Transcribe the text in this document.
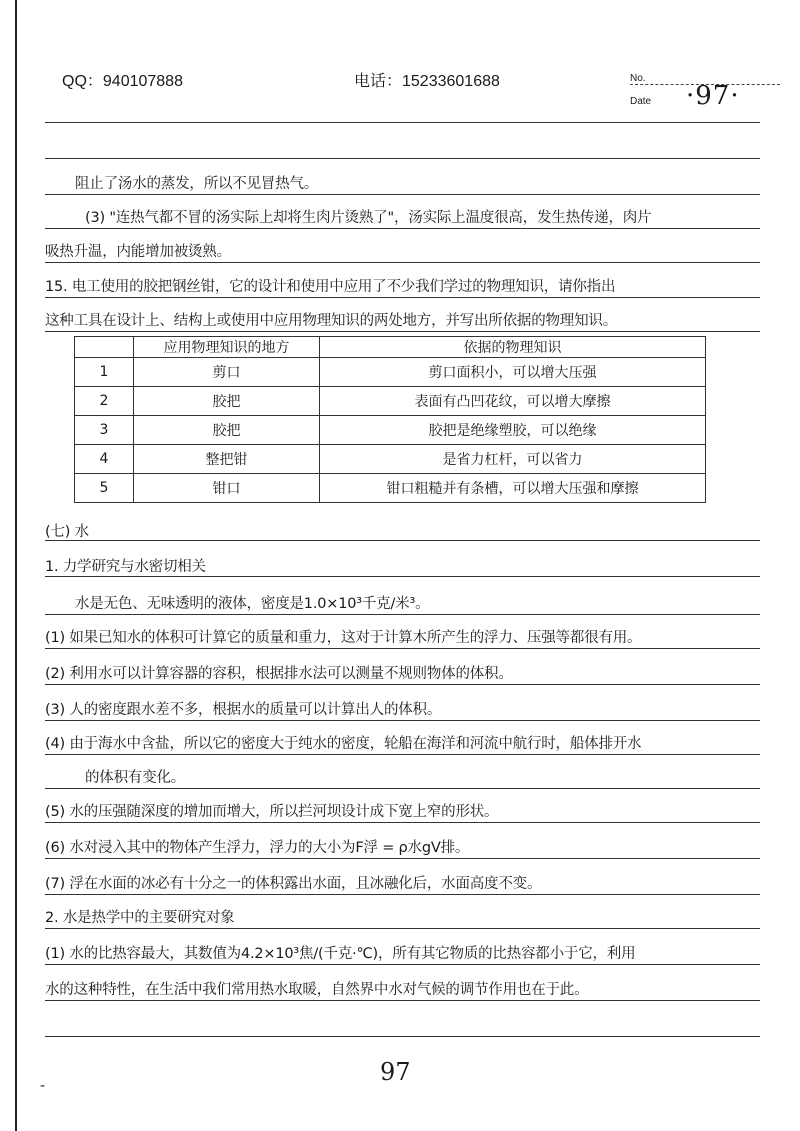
QQ：940107888	电话：15233601688	No.
Date ·97·
阻止了汤水的蒸发，所以不见冒热气。
(3) "连热气都不冒的汤实际上却将生肉片烫熟了"，汤实际上温度很高，发生热传递，肉片
吸热升温，内能增加被烫熟。
15. 电工使用的胶把钢丝钳，它的设计和使用中应用了不少我们学过的物理知识，请你指出
这种工具在设计上、结构上或使用中应用物理知识的两处地方，并写出所依据的物理知识。
	应用物理知识的地方	依据的物理知识
1	剪口	剪口面积小，可以增大压强
2	胶把	表面有凸凹花纹，可以增大摩擦
3	胶把	胶把是绝缘塑胶，可以绝缘
4	整把钳	是省力杠杆，可以省力
5	钳口	钳口粗糙并有条槽，可以增大压强和摩擦
(七) 水
1. 力学研究与水密切相关
水是无色、无味透明的液体，密度是1.0×10³千克/米³。
(1) 如果已知水的体积可计算它的质量和重力，这对于计算木所产生的浮力、压强等都很有用。
(2) 利用水可以计算容器的容积，根据排水法可以测量不规则物体的体积。
(3) 人的密度跟水差不多，根据水的质量可以计算出人的体积。
(4) 由于海水中含盐，所以它的密度大于纯水的密度，轮船在海洋和河流中航行时，船体排开水
的体积有变化。
(5) 水的压强随深度的增加而增大，所以拦河坝设计成下宽上窄的形状。
(6) 水对浸入其中的物体产生浮力，浮力的大小为F浮 = ρ水gV排。
(7) 浮在水面的冰必有十分之一的体积露出水面，且冰融化后，水面高度不变。
2. 水是热学中的主要研究对象
(1) 水的比热容最大，其数值为4.2×10³焦/(千克·℃)，所有其它物质的比热容都小于它，利用
水的这种特性，在生活中我们常用热水取暖，自然界中水对气候的调节作用也在于此。
97
-
